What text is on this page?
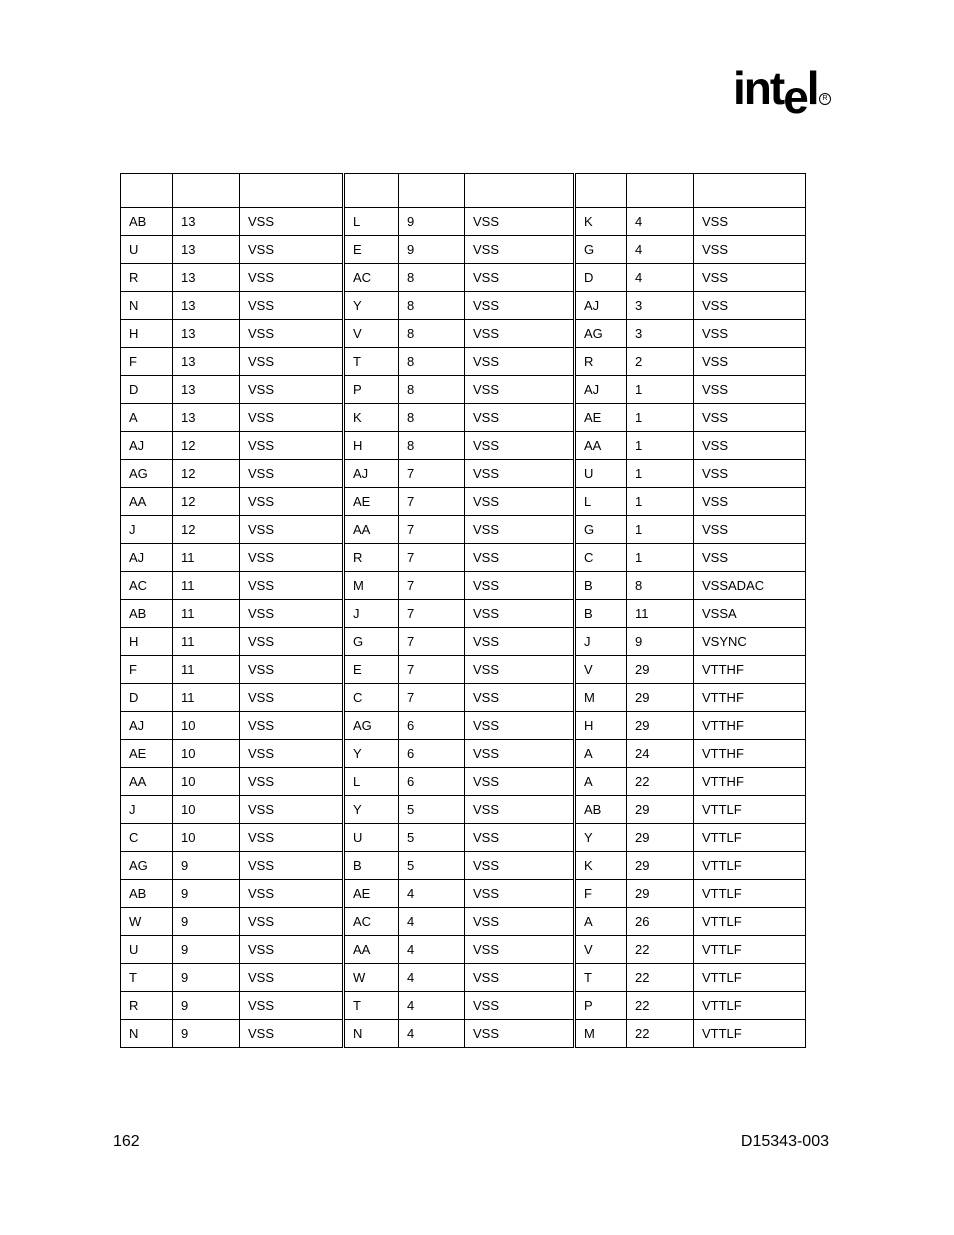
intel R

AB	13	VSS	L	9	VSS	K	4	VSS
U	13	VSS	E	9	VSS	G	4	VSS
R	13	VSS	AC	8	VSS	D	4	VSS
N	13	VSS	Y	8	VSS	AJ	3	VSS
H	13	VSS	V	8	VSS	AG	3	VSS
F	13	VSS	T	8	VSS	R	2	VSS
D	13	VSS	P	8	VSS	AJ	1	VSS
A	13	VSS	K	8	VSS	AE	1	VSS
AJ	12	VSS	H	8	VSS	AA	1	VSS
AG	12	VSS	AJ	7	VSS	U	1	VSS
AA	12	VSS	AE	7	VSS	L	1	VSS
J	12	VSS	AA	7	VSS	G	1	VSS
AJ	11	VSS	R	7	VSS	C	1	VSS
AC	11	VSS	M	7	VSS	B	8	VSSADAC
AB	11	VSS	J	7	VSS	B	11	VSSA
H	11	VSS	G	7	VSS	J	9	VSYNC
F	11	VSS	E	7	VSS	V	29	VTTHF
D	11	VSS	C	7	VSS	M	29	VTTHF
AJ	10	VSS	AG	6	VSS	H	29	VTTHF
AE	10	VSS	Y	6	VSS	A	24	VTTHF
AA	10	VSS	L	6	VSS	A	22	VTTHF
J	10	VSS	Y	5	VSS	AB	29	VTTLF
C	10	VSS	U	5	VSS	Y	29	VTTLF
AG	9	VSS	B	5	VSS	K	29	VTTLF
AB	9	VSS	AE	4	VSS	F	29	VTTLF
W	9	VSS	AC	4	VSS	A	26	VTTLF
U	9	VSS	AA	4	VSS	V	22	VTTLF
T	9	VSS	W	4	VSS	T	22	VTTLF
R	9	VSS	T	4	VSS	P	22	VTTLF
N	9	VSS	N	4	VSS	M	22	VTTLF
162	D15343-003
